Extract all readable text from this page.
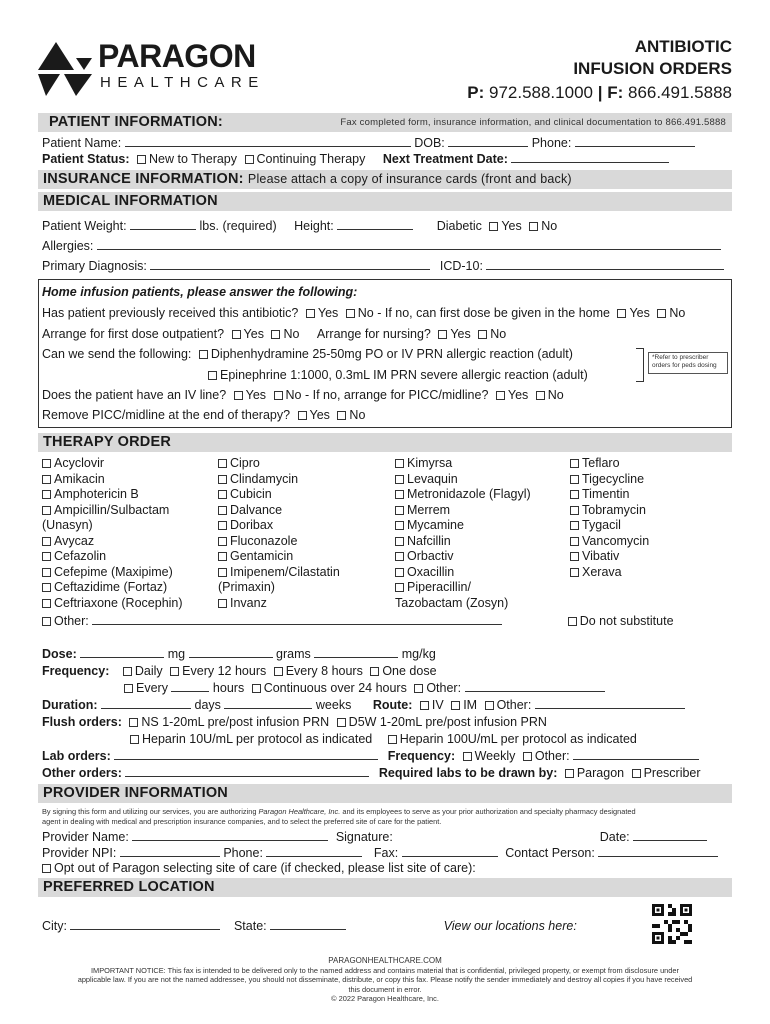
PARAGON
HEALTHCARE
ANTIBIOTIC
INFUSION ORDERS
P: 972.588.1000 | F: 866.491.5888
PATIENT INFORMATION:	Fax completed form, insurance information, and clinical documentation to 866.491.5888
Patient Name:	DOB:	Phone:
Patient Status: New to Therapy Continuing Therapy Next Treatment Date:
INSURANCE INFORMATION: Please attach a copy of insurance cards (front and back)
MEDICAL INFORMATION
Patient Weight:	lbs. (required) Height:	Diabetic Yes No
Allergies:
Primary Diagnosis:	ICD-10:
Home infusion patients, please answer the following:
Has patient previously received this antibiotic? Yes No - If no, can first dose be given in the home Yes No
Arrange for first dose outpatient? Yes No Arrange for nursing? Yes No
Can we send the following: Diphenhydramine 25-50mg PO or IV PRN allergic reaction (adult)
Epinephrine 1:1000, 0.3mL IM PRN severe allergic reaction (adult)
*Refer to prescriber orders for peds dosing
Does the patient have an IV line? Yes No - If no, arrange for PICC/midline? Yes No
Remove PICC/midline at the end of therapy? Yes No
THERAPY ORDER
Acyclovir
Amikacin
Amphotericin B
Ampicillin/Sulbactam
(Unasyn)
Avycaz
Cefazolin
Cefepime (Maxipime)
Ceftazidime (Fortaz)
Ceftriaxone (Rocephin)
Cipro
Clindamycin
Cubicin
Dalvance
Doribax
Fluconazole
Gentamicin
Imipenem/Cilastatin
(Primaxin)
Invanz
Kimyrsa
Levaquin
Metronidazole (Flagyl)
Merrem
Mycamine
Nafcillin
Orbactiv
Oxacillin
Piperacillin/
Tazobactam (Zosyn)
Teflaro
Tigecycline
Timentin
Tobramycin
Tygacil
Vancomycin
Vibativ
Xerava
Other:	Do not substitute
Dose:	mg	grams	mg/kg
Frequency: Daily Every 12 hours Every 8 hours One dose
Every	hours Continuous over 24 hours Other:
Duration:	days	weeks Route: IV IM Other:
Flush orders: NS 1-20mL pre/post infusion PRN D5W 1-20mL pre/post infusion PRN
Heparin 10U/mL per protocol as indicated Heparin 100U/mL per protocol as indicated
Lab orders:	Frequency: Weekly Other:
Other orders:	Required labs to be drawn by: Paragon Prescriber
PROVIDER INFORMATION
By signing this form and utilizing our services, you are authorizing Paragon Healthcare, Inc. and its employees to serve as your prior authorization and specialty pharmacy designated
agent in dealing with medical and prescription insurance companies, and to select the preferred site of care for the patient.
Provider Name:	Signature:	Date:
Provider NPI:	Phone:	Fax:	Contact Person:
Opt out of Paragon selecting site of care (if checked, please list site of care):
PREFERRED LOCATION
City:	State:	View our locations here:
PARAGONHEALTHCARE.COM
IMPORTANT NOTICE: This fax is intended to be delivered only to the named address and contains material that is confidential, privileged property, or exempt from disclosure under
applicable law. If you are not the named addressee, you should not disseminate, distribute, or copy this fax. Please notify the sender immediately and destroy all copies if you have received
this document in error.
© 2022 Paragon Healthcare, Inc.
